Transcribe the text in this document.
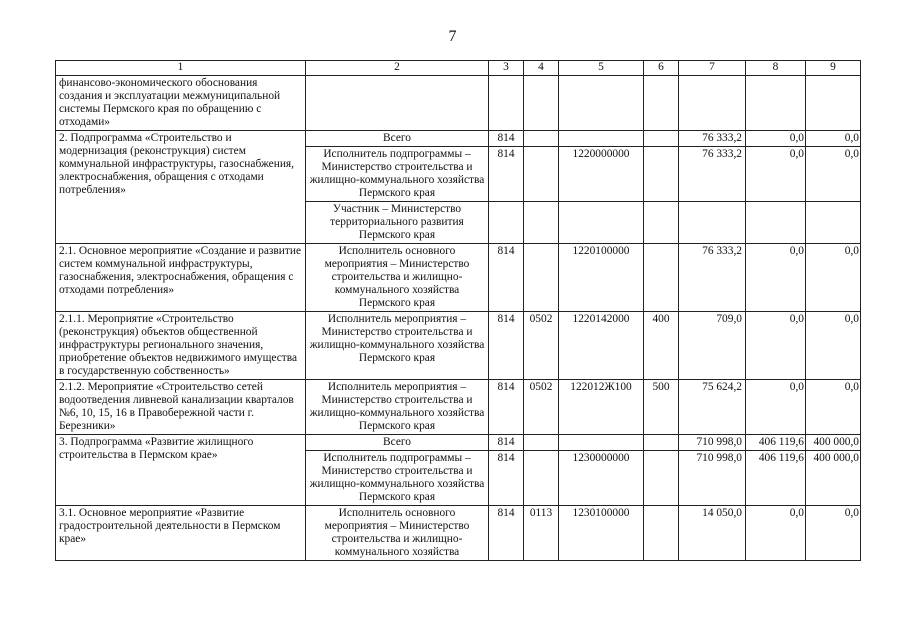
7
1	2	3	4	5	6	7	8	9
финансово-экономического обоснования создания и эксплуатации межмуниципальной системы Пермского края по обращению с отходами»								
2. Подпрограмма «Строительство и модернизация (реконструкция) систем коммунальной инфраструктуры, газоснабжения, электроснабжения, обращения с отходами потребления»	Всего	814				76 333,2	0,0	0,0
	Исполнитель подпрограммы – Министерство строительства и жилищно-коммунального хозяйства Пермского края	814		1220000000		76 333,2	0,0	0,0
	Участник – Министерство территориального развития Пермского края							
2.1. Основное мероприятие «Создание и развитие систем коммунальной инфраструктуры, газоснабжения, электроснабжения, обращения с отходами потребления»	Исполнитель основного мероприятия – Министерство строительства и жилищно-коммунального хозяйства Пермского края	814		1220100000		76 333,2	0,0	0,0
2.1.1. Мероприятие «Строительство (реконструкция) объектов общественной инфраструктуры регионального значения, приобретение объектов недвижимого имущества в государственную собственность»	Исполнитель мероприятия – Министерство строительства и жилищно-коммунального хозяйства Пермского края	814	0502	1220142000	400	709,0	0,0	0,0
2.1.2. Мероприятие «Строительство сетей водоотведения ливневой канализации кварталов №6, 10, 15, 16 в Правобережной части г. Березники»	Исполнитель мероприятия – Министерство строительства и жилищно-коммунального хозяйства Пермского края	814	0502	122012Ж100	500	75 624,2	0,0	0,0
3. Подпрограмма «Развитие жилищного строительства в Пермском крае»	Всего	814				710 998,0	406 119,6	400 000,0
	Исполнитель подпрограммы – Министерство строительства и жилищно-коммунального хозяйства Пермского края	814		1230000000		710 998,0	406 119,6	400 000,0
3.1. Основное мероприятие «Развитие градостроительной деятельности в Пермском крае»	Исполнитель основного мероприятия – Министерство строительства и жилищно-коммунального хозяйства	814	0113	1230100000		14 050,0	0,0	0,0
